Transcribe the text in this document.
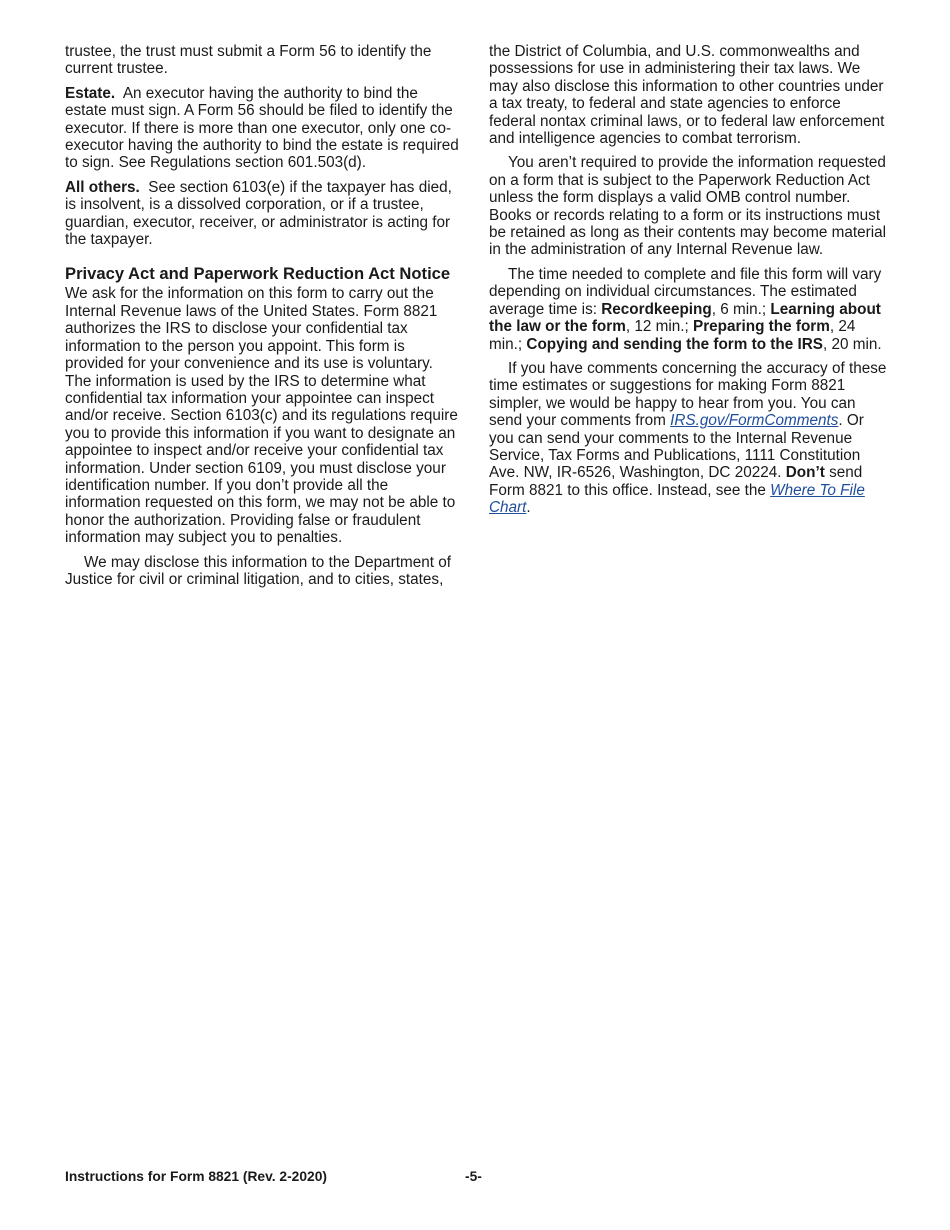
trustee, the trust must submit a Form 56 to identify the current trustee.

Estate. An executor having the authority to bind the estate must sign. A Form 56 should be filed to identify the executor. If there is more than one executor, only one co-executor having the authority to bind the estate is required to sign. See Regulations section 601.503(d).

All others. See section 6103(e) if the taxpayer has died, is insolvent, is a dissolved corporation, or if a trustee, guardian, executor, receiver, or administrator is acting for the taxpayer.

Privacy Act and Paperwork Reduction Act Notice

We ask for the information on this form to carry out the Internal Revenue laws of the United States. Form 8821 authorizes the IRS to disclose your confidential tax information to the person you appoint. This form is provided for your convenience and its use is voluntary. The information is used by the IRS to determine what confidential tax information your appointee can inspect and/or receive. Section 6103(c) and its regulations require you to provide this information if you want to designate an appointee to inspect and/or receive your confidential tax information. Under section 6109, you must disclose your identification number. If you don’t provide all the information requested on this form, we may not be able to honor the authorization. Providing false or fraudulent information may subject you to penalties.

We may disclose this information to the Department of Justice for civil or criminal litigation, and to cities, states,

the District of Columbia, and U.S. commonwealths and possessions for use in administering their tax laws. We may also disclose this information to other countries under a tax treaty, to federal and state agencies to enforce federal nontax criminal laws, or to federal law enforcement and intelligence agencies to combat terrorism.

You aren’t required to provide the information requested on a form that is subject to the Paperwork Reduction Act unless the form displays a valid OMB control number. Books or records relating to a form or its instructions must be retained as long as their contents may become material in the administration of any Internal Revenue law.

The time needed to complete and file this form will vary depending on individual circumstances. The estimated average time is: Recordkeeping, 6 min.; Learning about the law or the form, 12 min.; Preparing the form, 24 min.; Copying and sending the form to the IRS, 20 min.

If you have comments concerning the accuracy of these time estimates or suggestions for making Form 8821 simpler, we would be happy to hear from you. You can send your comments from IRS.gov/FormComments. Or you can send your comments to the Internal Revenue Service, Tax Forms and Publications, 1111 Constitution Ave. NW, IR-6526, Washington, DC 20224. Don’t send Form 8821 to this office. Instead, see the Where To File Chart.

Instructions for Form 8821 (Rev. 2-2020)	-5-
